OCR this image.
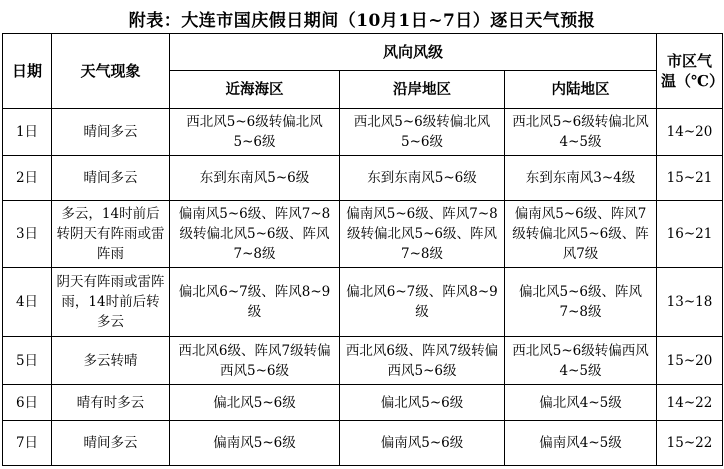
附表：大连市国庆假日期间（10月1日~7日）逐日天气预报
日期	天气现象	风向风级			市区气温（℃）
		近海海区	沿岸地区	内陆地区	
1日	晴间多云	西北风5~6级转偏北风5~6级	西北风5~6级转偏北风5~6级	西北风5~6级转偏北风4~5级	14~20
2日	晴间多云	东到东南风5~6级	东到东南风5~6级	东到东南风3~4级	15~21
3日	多云，14时前后转阴天有阵雨或雷阵雨	偏南风5~6级、阵风7~8级转偏北风5~6级、阵风7~8级	偏南风5~6级、阵风7~8级转偏北风5~6级、阵风7~8级	偏南风5~6级、阵风7级转偏北风5~6级、阵风7级	16~21
4日	阴天有阵雨或雷阵雨，14时前后转多云	偏北风6~7级、阵风8~9级	偏北风6~7级、阵风8~9级	偏北风5~6级、阵风7~8级	13~18
5日	多云转晴	西北风6级、阵风7级转偏西风5~6级	西北风6级、阵风7级转偏西风5~6级	西北风5~6级转偏西风4~5级	15~20
6日	晴有时多云	偏北风5~6级	偏北风5~6级	偏北风4~5级	14~22
7日	晴间多云	偏南风5~6级	偏南风5~6级	偏南风4~5级	15~22
